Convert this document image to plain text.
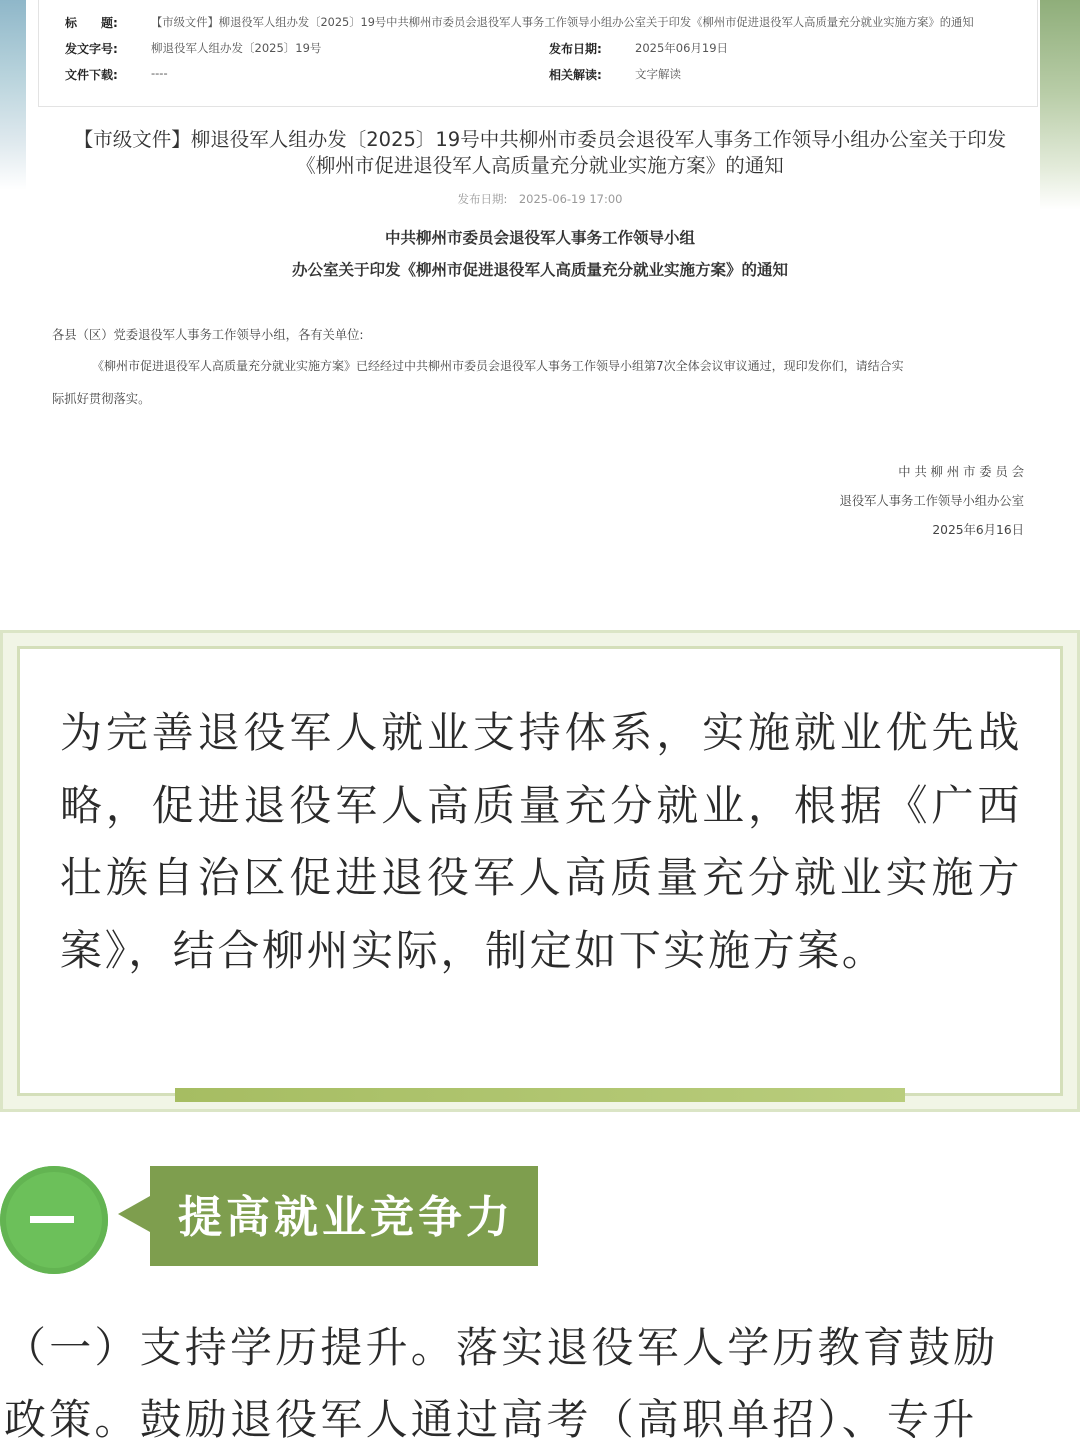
标　　题:	【市级文件】柳退役军人组办发〔2025〕19号中共柳州市委员会退役军人事务工作领导小组办公室关于印发《柳州市促进退役军人高质量充分就业实施方案》的通知
发文字号:	柳退役军人组办发〔2025〕19号	发布日期:	2025年06月19日
文件下载:	----	相关解读:	文字解读
【市级文件】柳退役军人组办发〔2025〕19号中共柳州市委员会退役军人事务工作领导小组办公室关于印发
《柳州市促进退役军人高质量充分就业实施方案》的通知
发布日期:　2025-06-19 17:00
中共柳州市委员会退役军人事务工作领导小组
办公室关于印发《柳州市促进退役军人高质量充分就业实施方案》的通知
各县（区）党委退役军人事务工作领导小组，各有关单位:
《柳州市促进退役军人高质量充分就业实施方案》已经经过中共柳州市委员会退役军人事务工作领导小组第7次全体会议审议通过，现印发你们，请结合实
际抓好贯彻落实。
中 共 柳 州 市 委 员 会
退役军人事务工作领导小组办公室
2025年6月16日
为完善退役军人就业支持体系，实施就业优先战略，促进退役军人高质量充分就业，根据《广西壮族自治区促进退役军人高质量充分就业实施方案》，结合柳州实际，制定如下实施方案。
提高就业竞争力
（一）支持学历提升。落实退役军人学历教育鼓励
政策。鼓励退役军人通过高考（高职单招）、专升
